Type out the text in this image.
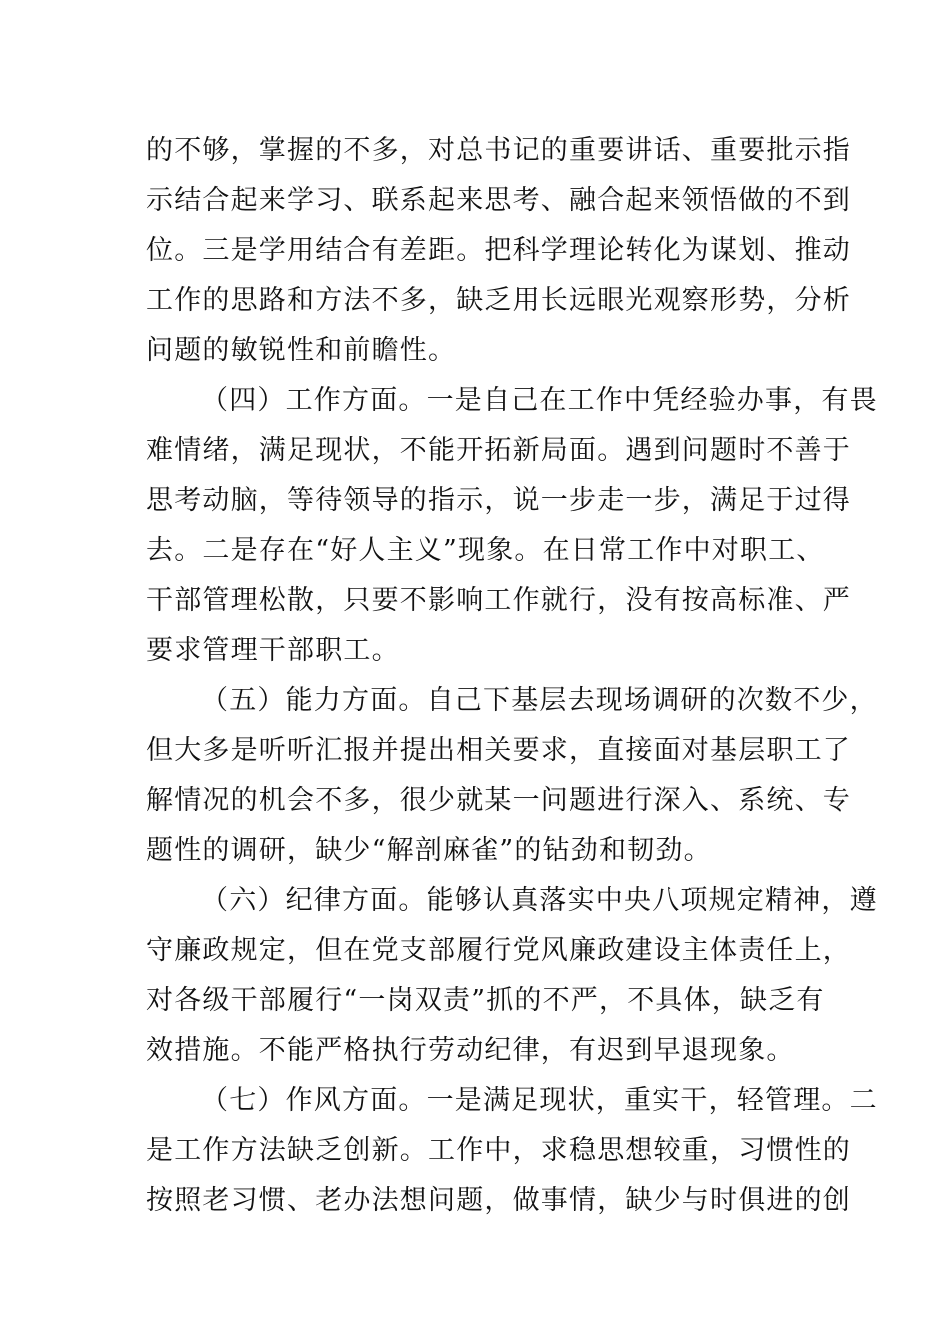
的不够，掌握的不多，对总书记的重要讲话、重要批示指
示结合起来学习、联系起来思考、融合起来领悟做的不到
位。三是学用结合有差距。把科学理论转化为谋划、推动
工作的思路和方法不多，缺乏用长远眼光观察形势，分析
问题的敏锐性和前瞻性。
（四）工作方面。一是自己在工作中凭经验办事，有畏
难情绪，满足现状，不能开拓新局面。遇到问题时不善于
思考动脑，等待领导的指示，说一步走一步，满足于过得
去。二是存在“好人主义”现象。在日常工作中对职工、
干部管理松散，只要不影响工作就行，没有按高标准、严
要求管理干部职工。
（五）能力方面。自己下基层去现场调研的次数不少，
但大多是听听汇报并提出相关要求，直接面对基层职工了
解情况的机会不多，很少就某一问题进行深入、系统、专
题性的调研，缺少“解剖麻雀”的钻劲和韧劲。
（六）纪律方面。能够认真落实中央八项规定精神，遵
守廉政规定，但在党支部履行党风廉政建设主体责任上，
对各级干部履行“一岗双责”抓的不严，不具体，缺乏有
效措施。不能严格执行劳动纪律，有迟到早退现象。
（七）作风方面。一是满足现状，重实干，轻管理。二
是工作方法缺乏创新。工作中，求稳思想较重，习惯性的
按照老习惯、老办法想问题，做事情，缺少与时俱进的创
